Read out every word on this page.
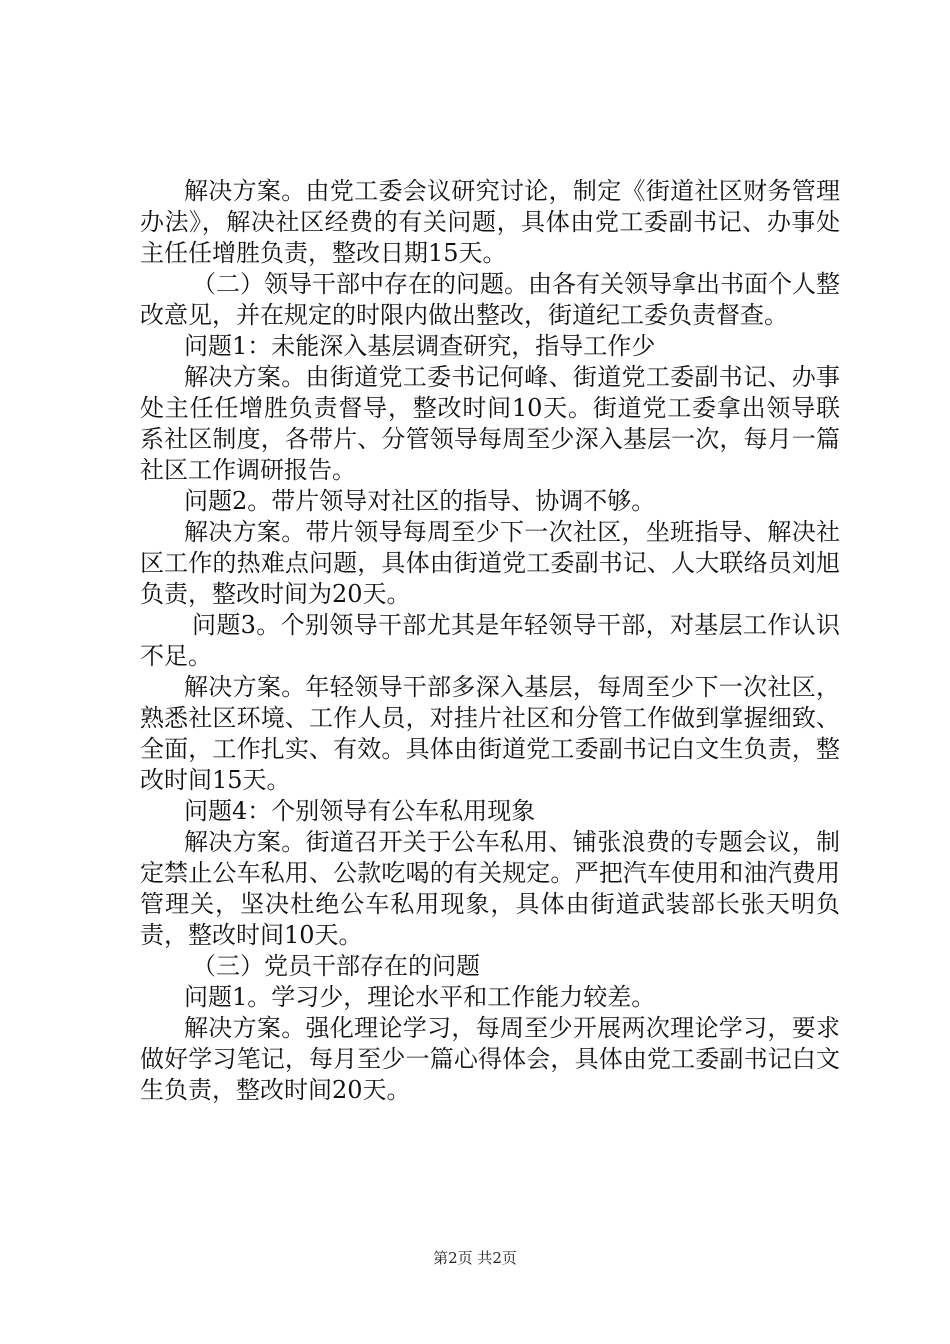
解决方案。由党工委会议研究讨论，制定《街道社区财务管理办法》，解决社区经费的有关问题，具体由党工委副书记、办事处主任任增胜负责，整改日期15天。

（二）领导干部中存在的问题。由各有关领导拿出书面个人整改意见，并在规定的时限内做出整改，街道纪工委负责督查。

问题1：未能深入基层调查研究，指导工作少

解决方案。由街道党工委书记何峰、街道党工委副书记、办事处主任任增胜负责督导，整改时间10天。街道党工委拿出领导联系社区制度，各带片、分管领导每周至少深入基层一次，每月一篇社区工作调研报告。

问题2。带片领导对社区的指导、协调不够。

解决方案。带片领导每周至少下一次社区，坐班指导、解决社区工作的热难点问题，具体由街道党工委副书记、人大联络员刘旭负责，整改时间为20天。

问题3。个别领导干部尤其是年轻领导干部，对基层工作认识不足。

解决方案。年轻领导干部多深入基层，每周至少下一次社区，熟悉社区环境、工作人员，对挂片社区和分管工作做到掌握细致、全面，工作扎实、有效。具体由街道党工委副书记白文生负责，整改时间15天。

问题4：个别领导有公车私用现象

解决方案。街道召开关于公车私用、铺张浪费的专题会议，制定禁止公车私用、公款吃喝的有关规定。严把汽车使用和油汽费用管理关，坚决杜绝公车私用现象，具体由街道武装部长张天明负责，整改时间10天。

（三）党员干部存在的问题

问题1。学习少，理论水平和工作能力较差。

解决方案。强化理论学习，每周至少开展两次理论学习，要求做好学习笔记，每月至少一篇心得体会，具体由党工委副书记白文生负责，整改时间20天。

第2页 共2页
